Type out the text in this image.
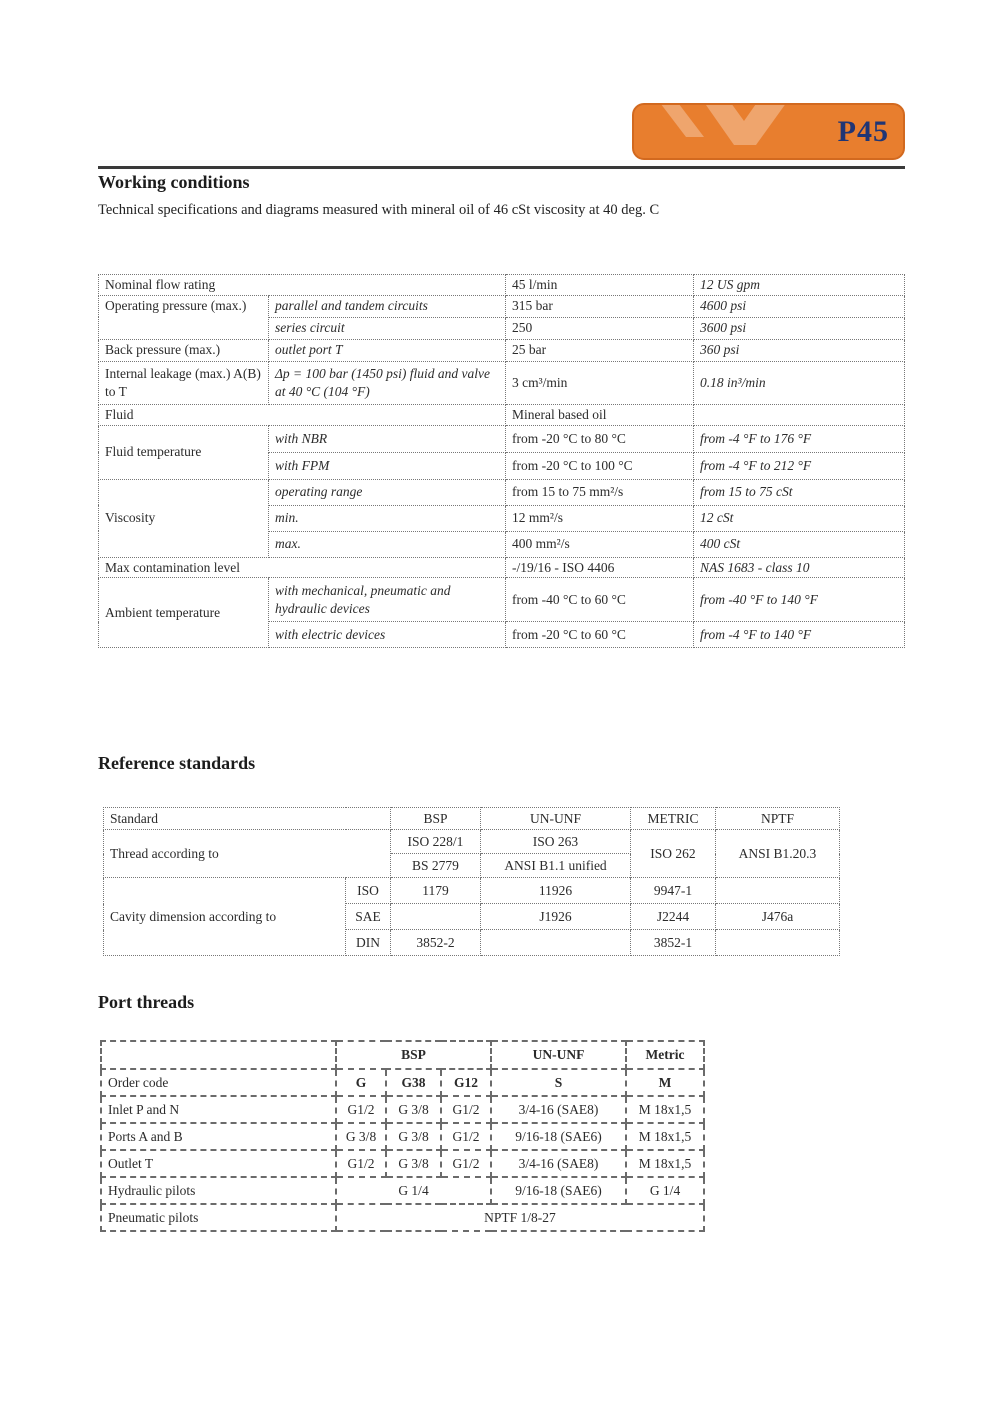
P45
Working conditions

Technical specifications and diagrams measured with mineral oil of 46 cSt viscosity at 40 deg. C

Nominal flow rating		45 l/min	12 US gpm
Operating pressure (max.)	parallel and tandem circuits	315 bar	4600 psi
	series circuit	250	3600 psi
Back pressure (max.)	outlet port T	25 bar	360 psi
Internal leakage (max.) A(B) to T	Δp = 100 bar (1450 psi) fluid and valve at 40 °C (104 °F)	3 cm³/min	0.18 in³/min
Fluid		Mineral based oil	
Fluid temperature	with NBR	from -20 °C to 80 °C	from -4 °F to 176 °F
	with FPM	from -20 °C to 100 °C	from -4 °F to 212 °F
Viscosity	operating range	from 15 to 75 mm²/s	from 15 to 75 cSt
	min.	12 mm²/s	12 cSt
	max.	400 mm²/s	400 cSt
Max contamination level		-/19/16 - ISO 4406	NAS 1683 - class 10
Ambient temperature	with mechanical, pneumatic and hydraulic devices	from -40 °C to 60 °C	from -40 °F to 140 °F
	with electric devices	from -20 °C to 60 °C	from -4 °F to 140 °F
Reference standards
Standard		BSP	UN-UNF	METRIC	NPTF
Thread according to		ISO 228/1	ISO 263	ISO 262	ANSI B1.20.3
		BS 2779	ANSI B1.1 unified		
Cavity dimension according to	ISO	1179	11926	9947-1	
	SAE		J1926	J2244	J476a
	DIN	3852-2		3852-1	
Port threads
	BSP			UN-UNF	Metric
Order code	G	G38	G12	S	M
Inlet P and N	G1/2	G 3/8	G1/2	3/4-16 (SAE8)	M 18x1,5
Ports A and B	G 3/8	G 3/8	G1/2	9/16-18 (SAE6)	M 18x1,5
Outlet T	G1/2	G 3/8	G1/2	3/4-16 (SAE8)	M 18x1,5
Hydraulic pilots	G 1/4			9/16-18 (SAE6)	G 1/4
Pneumatic pilots	NPTF 1/8-27				
